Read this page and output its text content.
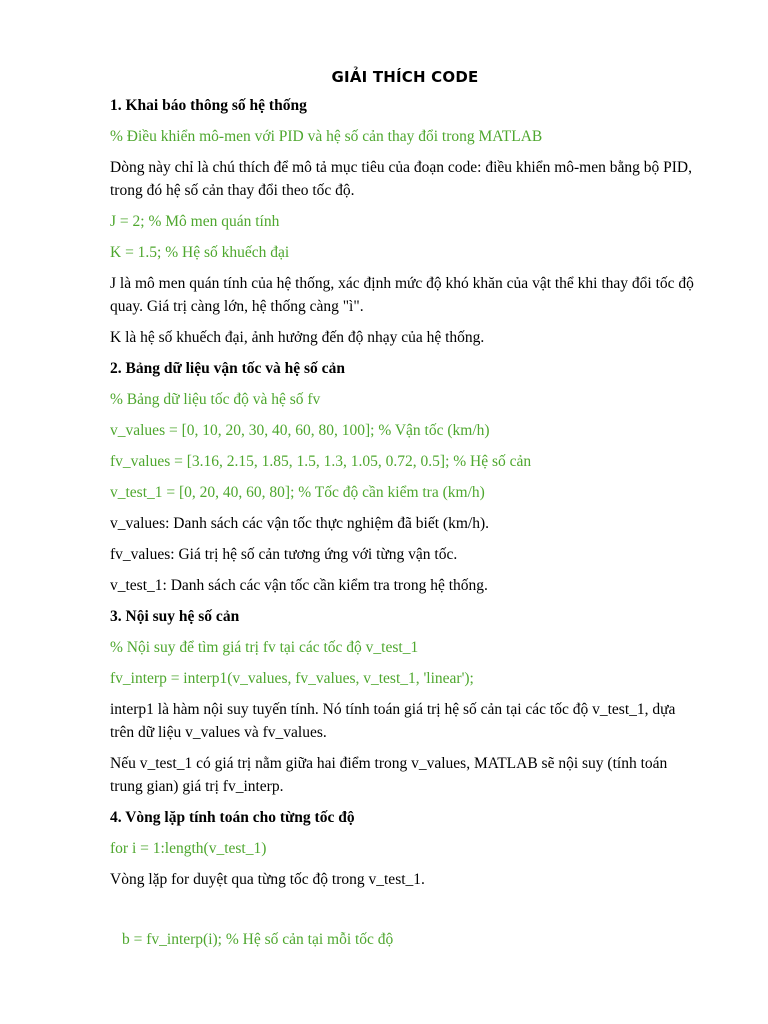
GIẢI THÍCH CODE
1. Khai báo thông số hệ thống
% Điều khiển mô-men với PID và hệ số cản thay đổi trong MATLAB
Dòng này chỉ là chú thích để mô tả mục tiêu của đoạn code: điều khiển mô-men bằng bộ PID, trong đó hệ số cản thay đổi theo tốc độ.
J = 2; % Mô men quán tính
K = 1.5; % Hệ số khuếch đại
J là mô men quán tính của hệ thống, xác định mức độ khó khăn của vật thể khi thay đổi tốc độ quay. Giá trị càng lớn, hệ thống càng "ì".
K là hệ số khuếch đại, ảnh hưởng đến độ nhạy của hệ thống.
2. Bảng dữ liệu vận tốc và hệ số cản
% Bảng dữ liệu tốc độ và hệ số fv
v_values = [0, 10, 20, 30, 40, 60, 80, 100]; % Vận tốc (km/h)
fv_values = [3.16, 2.15, 1.85, 1.5, 1.3, 1.05, 0.72, 0.5]; % Hệ số cản
v_test_1 = [0, 20, 40, 60, 80]; % Tốc độ cần kiểm tra (km/h)
v_values: Danh sách các vận tốc thực nghiệm đã biết (km/h).
fv_values: Giá trị hệ số cản tương ứng với từng vận tốc.
v_test_1: Danh sách các vận tốc cần kiểm tra trong hệ thống.
3. Nội suy hệ số cản
% Nội suy để tìm giá trị fv tại các tốc độ v_test_1
fv_interp = interp1(v_values, fv_values, v_test_1, 'linear');
interp1 là hàm nội suy tuyến tính. Nó tính toán giá trị hệ số cản tại các tốc độ v_test_1, dựa trên dữ liệu v_values và fv_values.
Nếu v_test_1 có giá trị nằm giữa hai điểm trong v_values, MATLAB sẽ nội suy (tính toán trung gian) giá trị fv_interp.
4. Vòng lặp tính toán cho từng tốc độ
for i = 1:length(v_test_1)
Vòng lặp for duyệt qua từng tốc độ trong v_test_1.
b = fv_interp(i); % Hệ số cản tại mỗi tốc độ
